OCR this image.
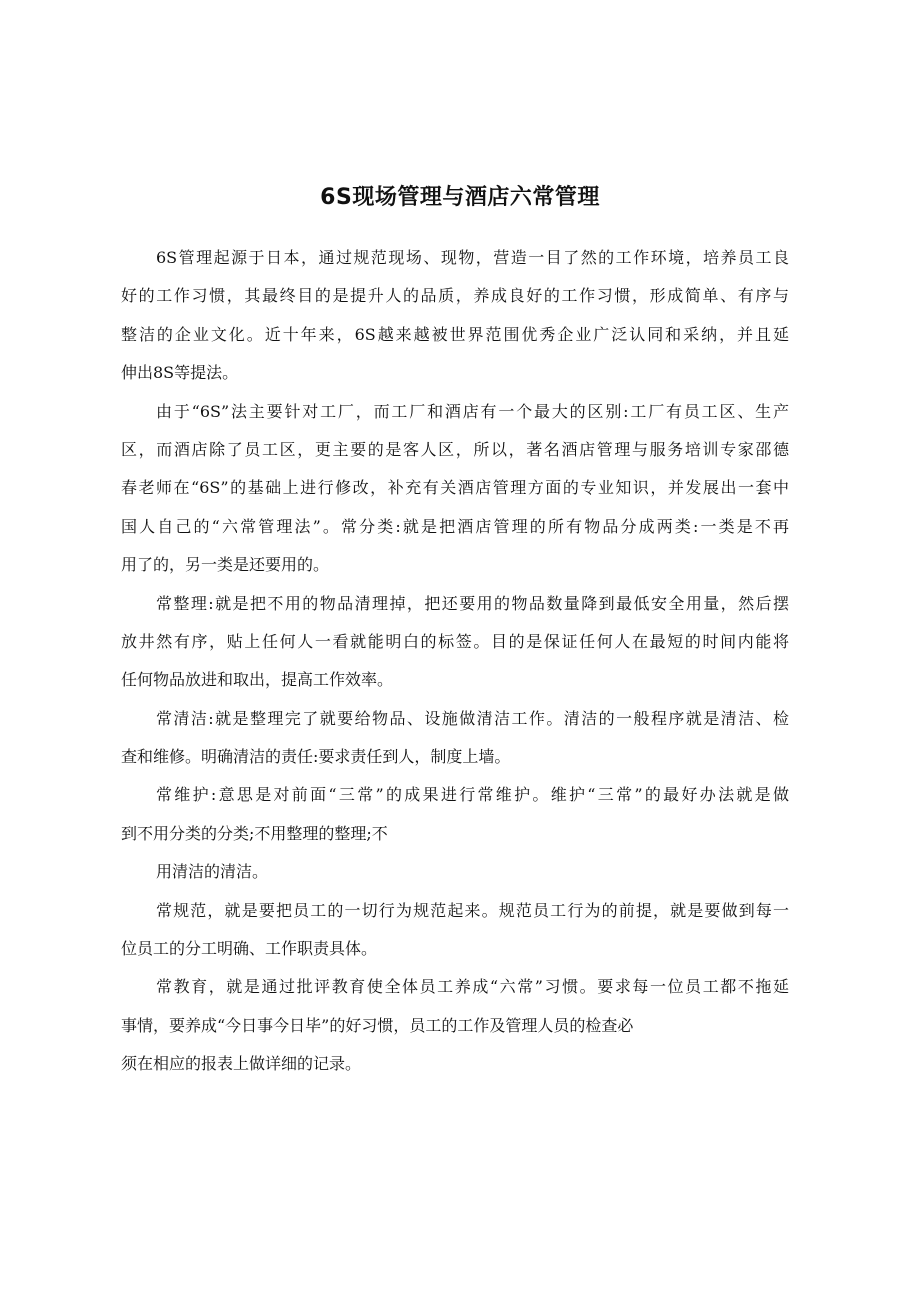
6S现场管理与酒店六常管理
6S管理起源于日本，通过规范现场、现物，营造一目了然的工作环境，培养员工良
好的工作习惯，其最终目的是提升人的品质，养成良好的工作习惯，形成简单、有序与
整洁的企业文化。近十年来，6S越来越被世界范围优秀企业广泛认同和采纳，并且延
伸出8S等提法。
由于“6S”法主要针对工厂，而工厂和酒店有一个最大的区别:工厂有员工区、生产
区，而酒店除了员工区，更主要的是客人区，所以，著名酒店管理与服务培训专家邵德
春老师在“6S”的基础上进行修改，补充有关酒店管理方面的专业知识，并发展出一套中
国人自己的“六常管理法”。常分类:就是把酒店管理的所有物品分成两类:一类是不再
用了的，另一类是还要用的。
常整理:就是把不用的物品清理掉，把还要用的物品数量降到最低安全用量，然后摆
放井然有序，贴上任何人一看就能明白的标签。目的是保证任何人在最短的时间内能将
任何物品放进和取出，提高工作效率。
常清洁:就是整理完了就要给物品、设施做清洁工作。清洁的一般程序就是清洁、检
查和维修。明确清洁的责任:要求责任到人，制度上墙。
常维护:意思是对前面“三常”的成果进行常维护。维护“三常”的最好办法就是做
到不用分类的分类;不用整理的整理;不
用清洁的清洁。
常规范，就是要把员工的一切行为规范起来。规范员工行为的前提，就是要做到每一
位员工的分工明确、工作职责具体。
常教育，就是通过批评教育使全体员工养成“六常”习惯。要求每一位员工都不拖延
事情，要养成“今日事今日毕”的好习惯，员工的工作及管理人员的检查必
须在相应的报表上做详细的记录。
